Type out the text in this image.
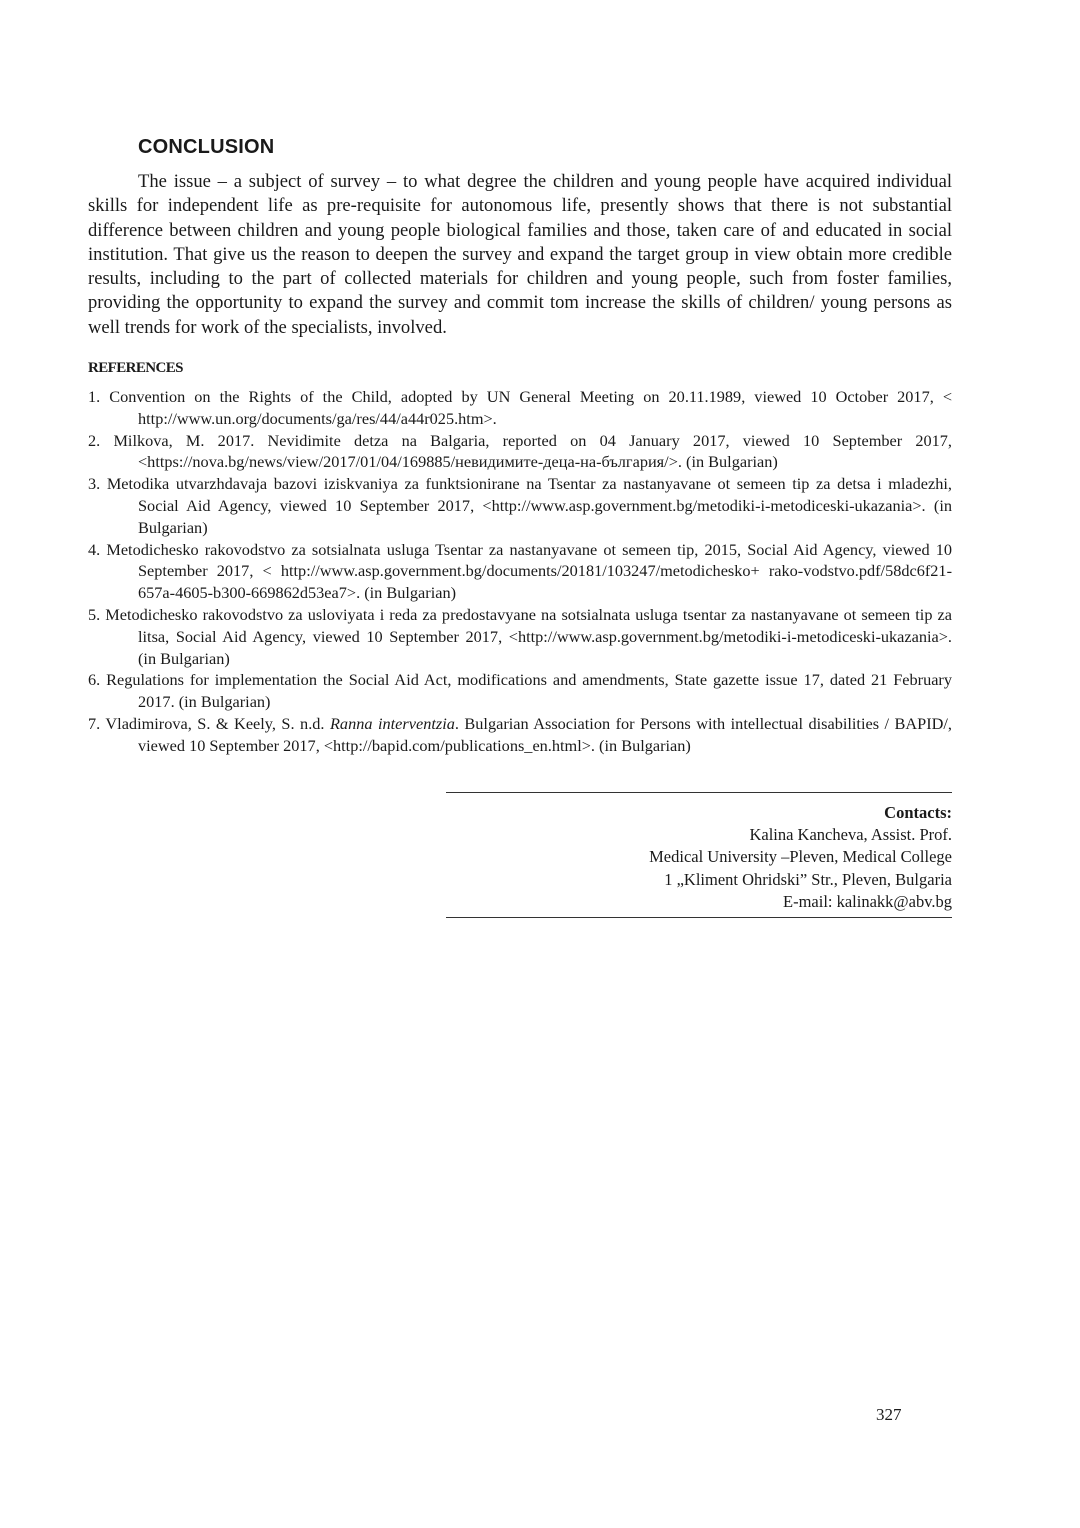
CONCLUSION

The issue – a subject of survey – to what degree the children and young people have acquired individual skills for independent life as pre-requisite for autonomous life, presently shows that there is not substantial difference between children and young people biological families and those, taken care of and educated in social institution. That give us the reason to deepen the survey and expand the target group in view obtain more credible results, including to the part of collected materials for children and young people, such from foster families, providing the opportunity to expand the survey and commit tom increase the skills of children/ young persons as well trends for work of the specialists, involved.

REFERENCES
1. Convention on the Rights of the Child, adopted by UN General Meeting on 20.11.1989, viewed 10 October 2017, < http://www.un.org/documents/ga/res/44/a44r025.htm>.
2. Milkova, M. 2017. Nevidimite detza na Balgaria, reported on 04 January 2017, viewed 10 September 2017, <https://nova.bg/news/view/2017/01/04/169885/невидимите-деца-на-българия/>. (in Bulgarian)
3. Metodika utvarzhdavaja bazovi iziskvaniya za funktsionirane na Tsentar za nastanyavane ot semeen tip za detsa i mladezhi, Social Aid Agency, viewed 10 September 2017, <http://www.asp.government.bg/metodiki-i-metodiceski-ukazania>. (in Bulgarian)
4. Metodichesko rakovodstvo za sotsialnata usluga Tsentar za nastanyavane ot semeen tip, 2015, Social Aid Agency, viewed 10 September 2017, < http://www.asp.government.bg/documents/20181/103247/metodichesko+ rako-vodstvo.pdf/58dc6f21-657a-4605-b300-669862d53ea7>. (in Bulgarian)
5. Metodichesko rakovodstvo za usloviyata i reda za predostavyane na sotsialnata usluga tsentar za nastanyavane ot semeen tip za litsa, Social Aid Agency, viewed 10 September 2017, <http://www.asp.government.bg/metodiki-i-metodiceski-ukazania>. (in Bulgarian)
6. Regulations for implementation the Social Aid Act, modifications and amendments, State gazette issue 17, dated 21 February 2017. (in Bulgarian)
7. Vladimirova, S. & Keely, S. n.d. Ranna interventzia. Bulgarian Association for Persons with intellectual disabilities / BAPID/, viewed 10 September 2017, <http://bapid.com/publications_en.html>. (in Bulgarian)
Contacts:
Kalina Kancheva, Assist. Prof.
Medical University –Pleven, Medical College
1 „Kliment Ohridski” Str., Pleven, Bulgaria
E-mail: kalinakk@abv.bg
327
